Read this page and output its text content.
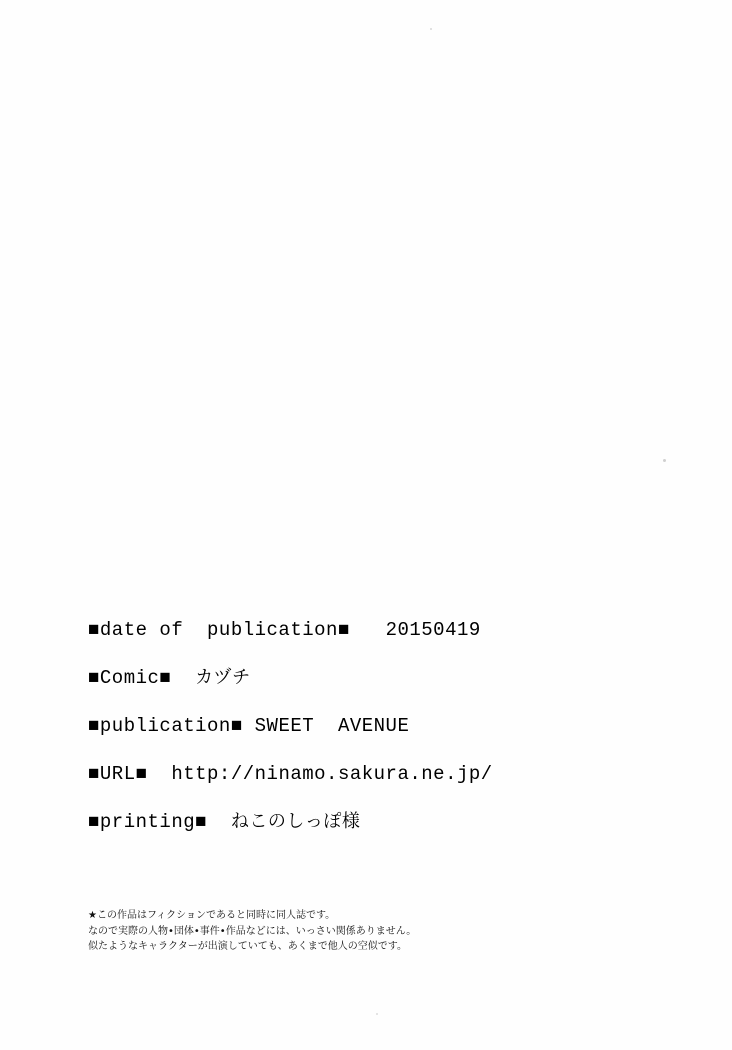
■date of  publication■ 20150419
■Comic■ カヅチ
■publication■ SWEET  AVENUE
■URL■ http://ninamo.sakura.ne.jp/
■printing■ ねこのしっぽ様
★この作品はフィクションであると同時に同人誌です。
なので実際の人物•団体•事件•作品などには、いっさい関係ありません。
似たようなキャラクターが出演していても、あくまで他人の空似です。
